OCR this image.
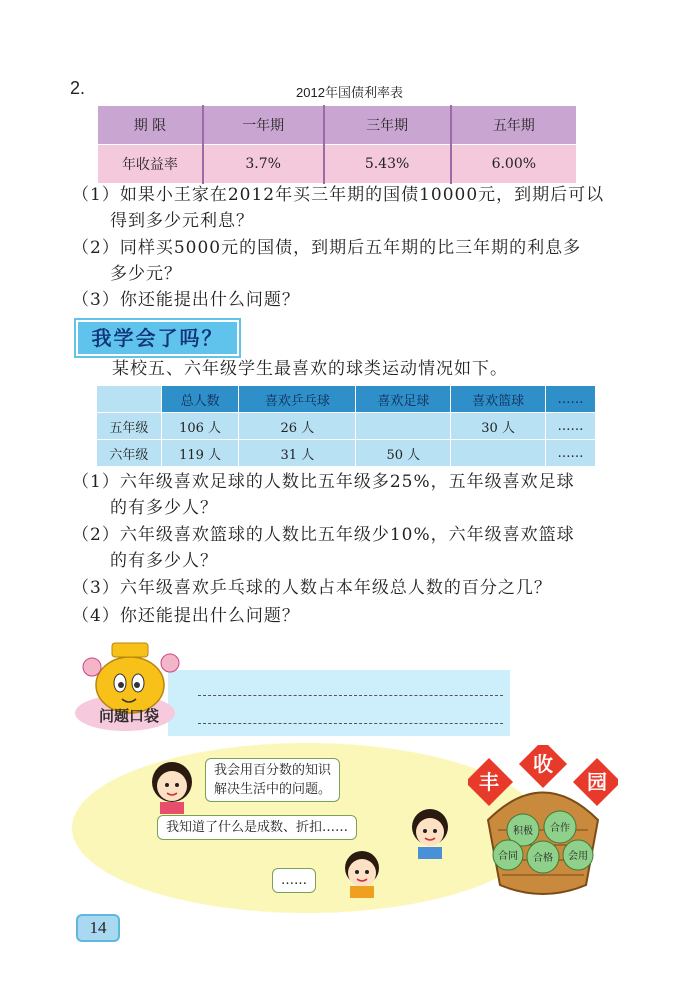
2.	2012年国债利率表
期 限	一年期	三年期	五年期
年收益率	3.7%	5.43%	6.00%
（1）如果小王家在2012年买三年期的国债10000元，到期后可以
得到多少元利息？
（2）同样买5000元的国债，到期后五年期的比三年期的利息多
多少元？
（3）你还能提出什么问题？
我学会了吗？
某校五、六年级学生最喜欢的球类运动情况如下。
	总人数	喜欢乒乓球	喜欢足球	喜欢篮球	……
五年级	106 人	26 人		30 人	……
六年级	119 人	31 人	50 人		……
（1）六年级喜欢足球的人数比五年级多25%，五年级喜欢足球
的有多少人？
（2）六年级喜欢篮球的人数比五年级少10%，六年级喜欢篮球
的有多少人？
（3）六年级喜欢乒乓球的人数占本年级总人数的百分之几？
（4）你还能提出什么问题？
问题口袋
我会用百分数的知识
解决生活中的问题。
我知道了什么是成数、折扣……
……
丰
收
园
积极 合作
合同 合格 会用
14
